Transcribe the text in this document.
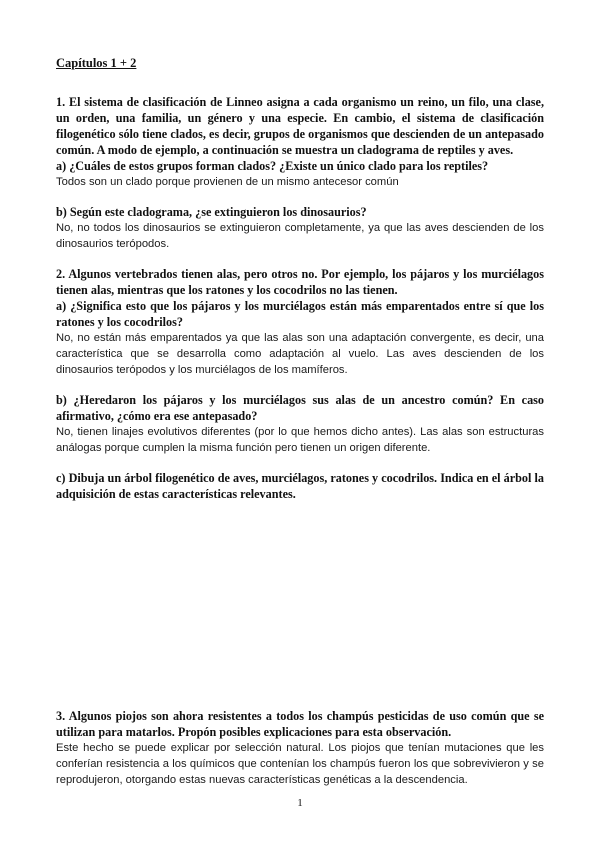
Capítulos 1 + 2

1. El sistema de clasificación de Linneo asigna a cada organismo un reino, un filo, una clase, un orden, una familia, un género y una especie. En cambio, el sistema de clasificación filogenético sólo tiene clados, es decir, grupos de organismos que descienden de un antepasado común. A modo de ejemplo, a continuación se muestra un cladograma de reptiles y aves.

a) ¿Cuáles de estos grupos forman clados? ¿Existe un único clado para los reptiles?

Todos son un clado porque provienen de un mismo antecesor común

b) Según este cladograma, ¿se extinguieron los dinosaurios?

No, no todos los dinosaurios se extinguieron completamente, ya que las aves descienden de los dinosaurios terópodos.

2. Algunos vertebrados tienen alas, pero otros no. Por ejemplo, los pájaros y los murciélagos tienen alas, mientras que los ratones y los cocodrilos no las tienen.

a) ¿Significa esto que los pájaros y los murciélagos están más emparentados entre sí que los ratones y los cocodrilos?

No, no están más emparentados ya que las alas son una adaptación convergente, es decir, una característica que se desarrolla como adaptación al vuelo. Las aves descienden de los dinosaurios terópodos y los murciélagos de los mamíferos.

b) ¿Heredaron los pájaros y los murciélagos sus alas de un ancestro común? En caso afirmativo, ¿cómo era ese antepasado?

No, tienen linajes evolutivos diferentes (por lo que hemos dicho antes). Las alas son estructuras análogas porque cumplen la misma función pero tienen un origen diferente.

c) Dibuja un árbol filogenético de aves, murciélagos, ratones y cocodrilos. Indica en el árbol la adquisición de estas características relevantes.

3. Algunos piojos son ahora resistentes a todos los champús pesticidas de uso común que se utilizan para matarlos. Propón posibles explicaciones para esta observación.

Este hecho se puede explicar por selección natural. Los piojos que tenían mutaciones que les conferían resistencia a los químicos que contenían los champús fueron los que sobrevivieron y se reprodujeron, otorgando estas nuevas características genéticas a la descendencia.

1
